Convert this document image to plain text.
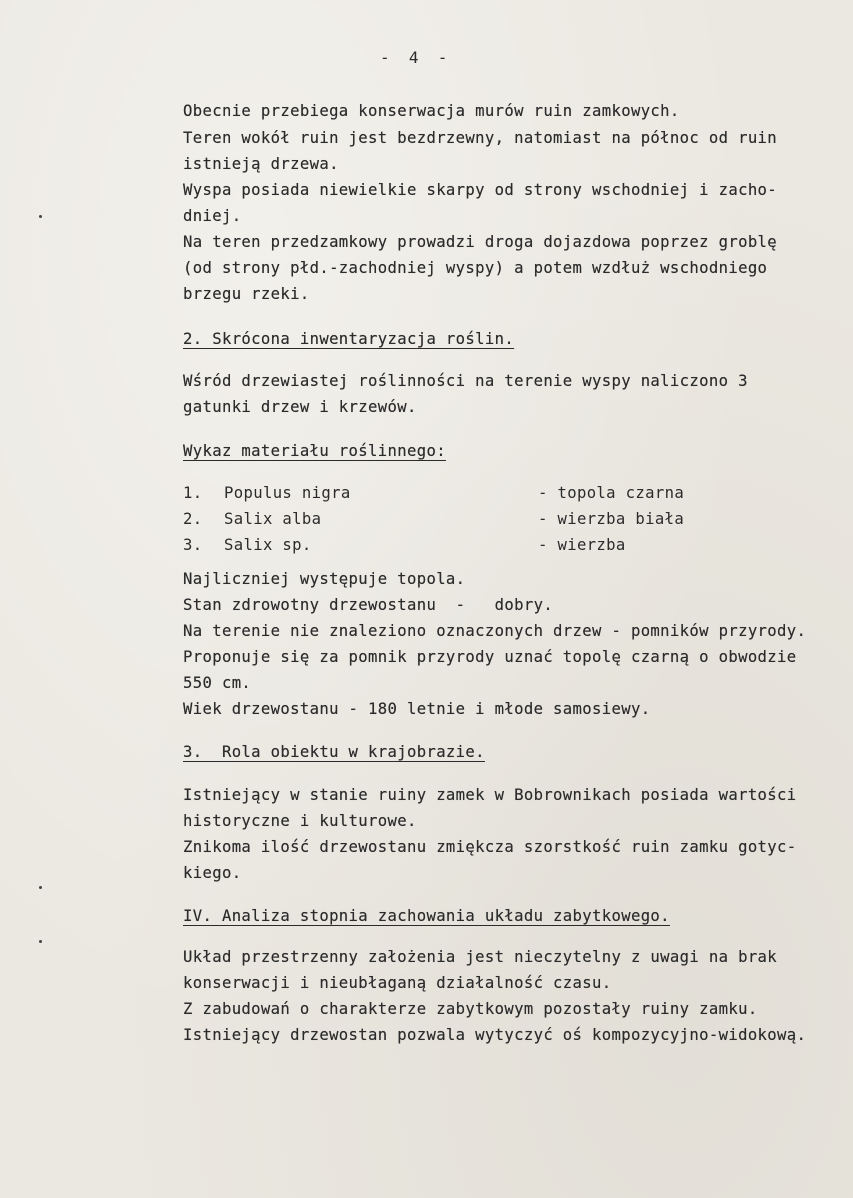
-  4  -
Obecnie przebiega konserwacja murów ruin zamkowych.
Teren wokół ruin jest bezdrzewny, natomiast na północ od ruin
istnieją drzewa.
Wyspa posiada niewielkie skarpy od strony wschodniej i zacho-
dniej.
Na teren przedzamkowy prowadzi droga dojazdowa poprzez groblę
(od strony płd.-zachodniej wyspy) a potem wzdłuż wschodniego
brzegu rzeki.
2. Skrócona inwentaryzacja roślin.
Wśród drzewiastej roślinności na terenie wyspy naliczono 3
gatunki drzew i krzewów.
Wykaz materiału roślinnego:
1. Populus nigra	- topola czarna
2. Salix alba	- wierzba biała
3. Salix sp.	- wierzba
Najliczniej występuje topola.
Stan zdrowotny drzewostanu  -   dobry.
Na terenie nie znaleziono oznaczonych drzew - pomników przyrody.
Proponuje się za pomnik przyrody uznać topolę czarną o obwodzie
550 cm.
Wiek drzewostanu - 180 letnie i młode samosiewy.
3.  Rola obiektu w krajobrazie.
Istniejący w stanie ruiny zamek w Bobrownikach posiada wartości
historyczne i kulturowe.
Znikoma ilość drzewostanu zmiękcza szorstkość ruin zamku gotyc-
kiego.
IV. Analiza stopnia zachowania układu zabytkowego.
Układ przestrzenny założenia jest nieczytelny z uwagi na brak
konserwacji i nieubłaganą działalność czasu.
Z zabudowań o charakterze zabytkowym pozostały ruiny zamku.
Istniejący drzewostan pozwala wytyczyć oś kompozycyjno-widokową.
